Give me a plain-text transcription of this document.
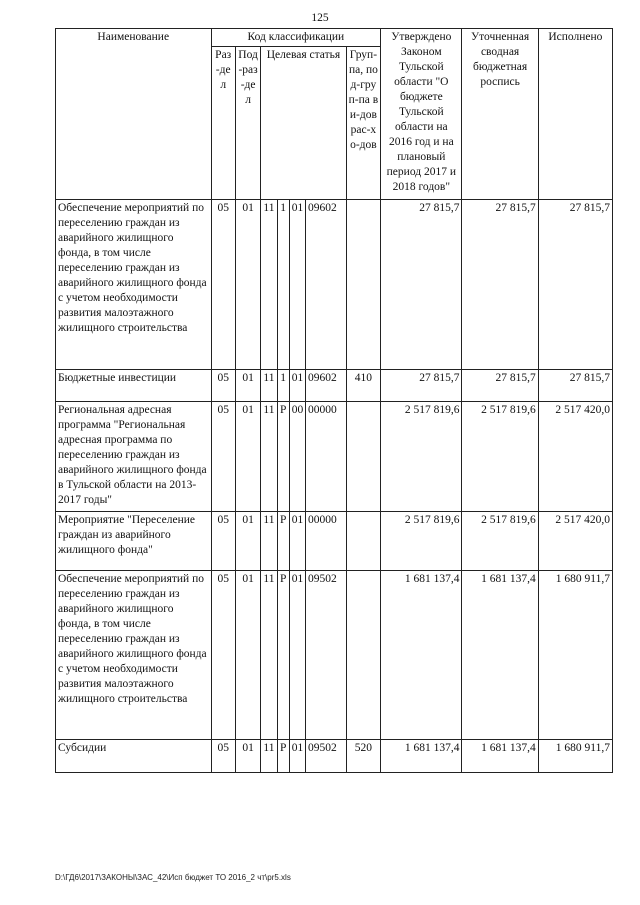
125
Наименование	Код классификации							Утверждено Законом Тульской области "О бюджете Тульской области на 2016 год и на плановый период 2017 и 2018 годов"	Уточненная сводная бюджетная роспись	Исполнено
	Раз-дел	Под-раз-дел	Целевая статья				Груп-па, под-груп-па ви-дов рас-хо-дов			
Обеспечение мероприятий по переселению граждан из аварийного жилищного фонда, в том числе переселению граждан из аварийного жилищного фонда с учетом необходимости развития малоэтажного жилищного строительства	05	01	11	1	01	09602		27 815,7	27 815,7	27 815,7
Бюджетные инвестиции	05	01	11	1	01	09602	410	27 815,7	27 815,7	27 815,7
Региональная адресная программа "Региональная адресная программа по переселению граждан из аварийного жилищного фонда в Тульской области на 2013-2017 годы"	05	01	11	Р	00	00000		2 517 819,6	2 517 819,6	2 517 420,0
Мероприятие "Переселение граждан из аварийного жилищного фонда"	05	01	11	Р	01	00000		2 517 819,6	2 517 819,6	2 517 420,0
Обеспечение мероприятий по переселению граждан из аварийного жилищного фонда, в том числе переселению граждан из аварийного жилищного фонда с учетом необходимости развития малоэтажного жилищного строительства	05	01	11	Р	01	09502		1 681 137,4	1 681 137,4	1 680 911,7
Субсидии	05	01	11	Р	01	09502	520	1 681 137,4	1 681 137,4	1 680 911,7
D:\ГД6\2017\ЗАКОНЫ\ЗАС_42\Исп бюджет ТО 2016_2 чт\pr5.xls
